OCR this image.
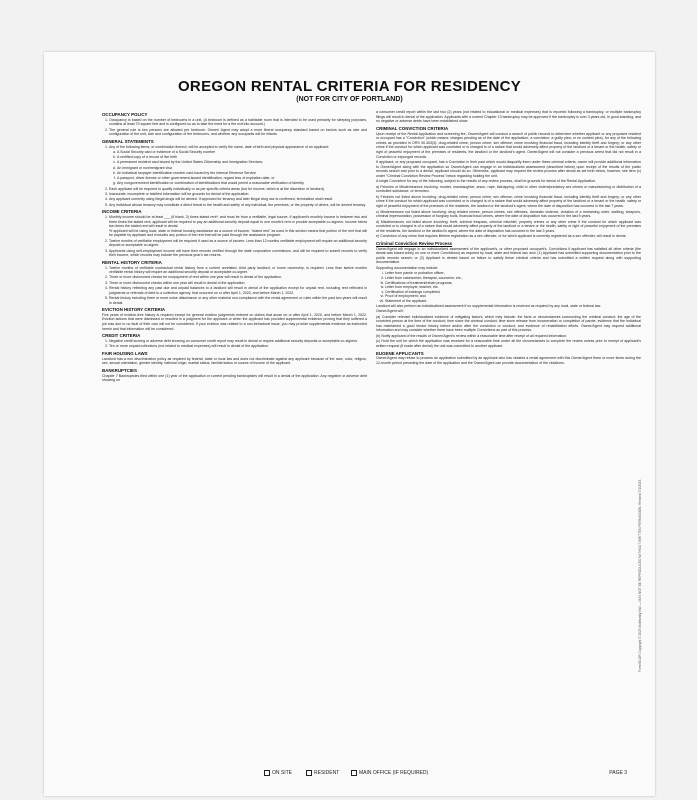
OREGON RENTAL CRITERIA FOR RESIDENCY
(NOT FOR CITY OF PORTLAND)
OCCUPANCY POLICY
1. Occupancy is based on the number of bedrooms in a unit. (A bedroom is defined as a habitable room that is intended to be used primarily for sleeping purposes, contains at least 70 square feet and is configured so as to take the need for a fire exit into account.)
2. The general rule is two persons are allowed per bedroom. Owner/ Agent may adopt a more liberal occupancy standard based on factors such as size and configuration of the unit, size and configuration of the bedrooms, and whether any occupants will be infants.
GENERAL STATEMENTS
1. Any of the following items, or combination thereof, will be accepted to verify the name, date of birth and physical appearance of an applicant:
a. A Social Security card or evidence of a Social Security number
b. A certified copy of a record of live birth
c. A permanent resident card issued by the United States Citizenship and Immigration Services;
d. An immigrant or nonimmigrant visa
e. An individual taxpayer identification number card issued by the Internal Revenue Service
f. A passport, driver license or other government-issued identification, regard less of expiration date, or
g. Any nongovernment identification or combination of identifications that would permit a reasonable verification of identity.
2. Each applicant will be required to qualify individually or as per specific criteria areas (but for income, which is at the discretion of landlord).
3. Inaccurate, incomplete or falsified information will be grounds for denial of the application.
4. Any applicant currently using illegal drugs will be denied. If approved for tenancy and later illegal drug use is confirmed, termination shall result.
5. Any individual whose tenancy may constitute a direct threat to the health and safety of any individual, the premises, or the property of others, will be denied tenancy.
INCOME CRITERIA
1. Monthly income should be at least ___ (if blank, 3) times stated rent*, and must be from a verifiable, legal source. If applicant's monthly income is between two and three times the stated rent, applicant will be required to pay an additional security deposit equal to one month's rent or provide acceptable co-signers. Income below two times the stated rent will result in denial.

*If applicant will be using local, state or federal housing assistance as a source of income, "stated rent" as used in this section means that portion of the rent that will be payable by applicant and excludes any portion of the rent that will be paid through the assistance program.

2. Twelve months of verifiable employment will be required if used as a source of income. Less than 12 months verifiable employment will require an additional security deposit or acceptable co-signer.
3. Applicants using self-employment income will have their records verified through the state corporation commission, and will be required to submit records to verify their income, which records may include the previous year's tax returns.
RENTAL HISTORY CRITERIA
1. Twelve months of verifiable contractual rental history from a current unrelated, third party landlord, or home ownership, is required. Less than twelve months verifiable rental history will require an additional security deposit or acceptable co-signer.
2. Three or more dishonored checks for nonpayment of rent within one year will result in denial of the application.
3. Three or more dishonored checks within one year will result in denial of the application.
4. Rental history reflecting any past due and unpaid balances to a landlord will result in denial of the application except for unpaid rent, including rent reflected in judgments or referrals of debt to a collection agency, that occurred on or after April 1, 2020, and before March 1, 2022.
5. Rental history including three or more noise disturbance or any other material non-compliance with the rental agreement or rules within the past two years will result in denial.
EVICTION HISTORY CRITERIA

Five years of eviction-free history is required except for general eviction judgments entered on claims that arose on or after April 1, 2020, and before March 1, 2022. Eviction actions that were dismissed or resulted in a judgment for the applicant or when the applicant has provided supplemental evidence proving that they suffered a job loss due to no fault of their own will not be considered. If your eviction was related to a non-behavioral issue, you may provide supplemental evidence as instructed herein and that information will be considered.

CREDIT CRITERIA
1. Negative credit scoring or adverse debt showing on consumer credit report may result in denial or require additional security deposits or acceptable co-signers.
2. Ten or more unpaid collections (not related to medical expenses) will result in denial of the application.
FAIR HOUSING LAWS

Landlord has a non discrimination policy as required by federal, state or local law and does not discriminate against any applicant because of the race, color, religion, sex, sexual orientation, gender identity, national origin, marital status, familial status or source of income of the applicant.

BANKRUPTCIES

Chapter 7 Bankruptcies filed within one (1) year of the application or current pending bankruptcies will result in a denial of the application. Any negative or adverse debt showing on

a consumer credit report within the last two (2) years (not related to educational or medical expenses) that is reported following a bankruptcy, or multiple bankruptcy filings will result in denial of the application. Applicants with a current Chapter 13 bankruptcy may be approved if the bankruptcy is over 3 years old, in good standing, and no negative or adverse debts have been established since.

CRIMINAL CONVICTION CRITERIA

Upon receipt of the Rental Application and screening fee, Owner/Agent will conduct a search of public records to determine whether applicant or any proposed resident or occupant has a "Conviction" (which means: charges pending as of the date of the application; a conviction; a guilty plea; or no contest plea), for any of the following crimes as provided in ORS 90.303(3): drug-related crime; person crime; sex offense; crime involving financial fraud, including identity theft and forgery; or any other crime if the conduct for which applicant was convicted or is charged is of a nature that would adversely affect property of the landlord or a tenant or the health, safety or right of peaceful enjoyment of the premises of residents, the landlord or the landlord's agent. Owner/Agent will not consider a previous arrest that did not result in a Conviction or expunged records.

If applicant, or any proposed occupant, has a Conviction in their past which would disqualify them under these criminal criteria, owner will provide additional information to Owner/Agent along with the application so Owner/Agent can engage in an individualized assessment (described below) upon receipt of the results of the public records search and prior to a denial, applicant should do so. Otherwise, applicant may request the review process after denial as set forth below, however, see item (c) under "Criminal Conviction Review Process" below regarding holding the unit.

A single Conviction for any of the following, subject to the results of any review process, shall be grounds for denial of the Rental Application.

a) Felonies or Misdemeanors involving: murder, manslaughter, arson, rape, kidnapping, child or other violent/predatory sex crimes or manufacturing or distribution of a controlled substance, or terrorism.

b) Felonies not listed above involving: drug-related crime; person crime; sex offense; crime involving financial fraud, including identity theft and forgery; or any other crime if the conduct for which applicant was convicted or is charged is of a nature that would adversely affect property of the landlord or a tenant or the health, safety or right of peaceful enjoyment of the premises of the residents, the landlord or the landlord's agent, where the date of disposition has occurred in the last 7 years.

c) Misdemeanors not listed above involving: drug related crimes, person crimes, sex offenses, domestic violence, violation of a restraining order, stalking, weapons, criminal impersonation, possession of burglary tools, financial fraud crimes, where the date of disposition has occurred in the last 5 years.

d) Misdemeanors not listed above involving: theft, criminal trespass, criminal mischief, property crimes or any other crime if the conduct for which applicant was convicted or is charged is of a nature that would adversely affect property of the landlord or a tenant or the health, safety or right of peaceful enjoyment of the premises of the residents, the landlord or the landlord's agent, where the date of disposition has occurred in the last 3 years.

e) Conviction of any crime that requires lifetime registration as a sex offender, or for which applicant is currently registered as a sex offender, will result in denial.

Criminal Conviction Review Process

Owner/Agent will engage in an individualized assessment of the applicant's, or other proposed occupant's, Convictions if applicant has satisfied all other criteria (the denial was based solely on one or more Convictions) as required by local, state and federal law, and: (1) Applicant has submitted supporting documentation prior to the public records search; or (2) Applicant is denied based on failure to satisfy these criminal criteria and has submitted a written request along with supporting documentation.

Supporting documentation may include:

i. Letter from parole or probation officer;
ii. Letter from caseworker, therapist, counselor, etc.;
iii. Certifications of treatment/rehab programs;
iv. Letter from employer, teacher, etc.
v. Certification of trainings completed;
vi. Proof of employment; and
vii. Statement of the applicant.

Landlord will also perform an individualized assessment if no supplemental information is received as required by any local, state or federal law.

Owner/Agent will:

(a) Consider relevant individualized evidence of mitigating factors, which may include: the facts or circumstances surrounding the criminal conduct; the age of the convicted person at the time of the conduct; time since the criminal conduct; time since release from incarceration or completion of parole; evidence that the individual has maintained a good tenant history before and/or after the conviction or conduct; and evidence of rehabilitation efforts. Owner/Agent may request additional information and may consider whether there have been multiple Convictions as part of this process.

(b) Notify applicant of the results of Owner/Agent's review within a reasonable time after receipt of all required information.

(c) Hold the unit for which the application was received for a reasonable time under all the circumstances to complete the review unless prior to receipt of applicant's written request (if made after denial) the unit was committed to another applicant.

EUGENE APPLICANTS

Owner/Agent may refuse to process an application submitted by an applicant who has violated a rental agreement with this Owner/Agent three or more times during the 12-month period preceding the date of the application and the Owner/Agent can provide documentation of the violations.

Form 60-OR Copyright © 2023 Multifamily NW — MAY NOT BE REPRODUCED WITHOUT WRITTEN PERMISSION. Revised 7/1/2023.
ON SITE	RESIDENT	MAIN OFFICE (IF REQUIRED)	PAGE 3
